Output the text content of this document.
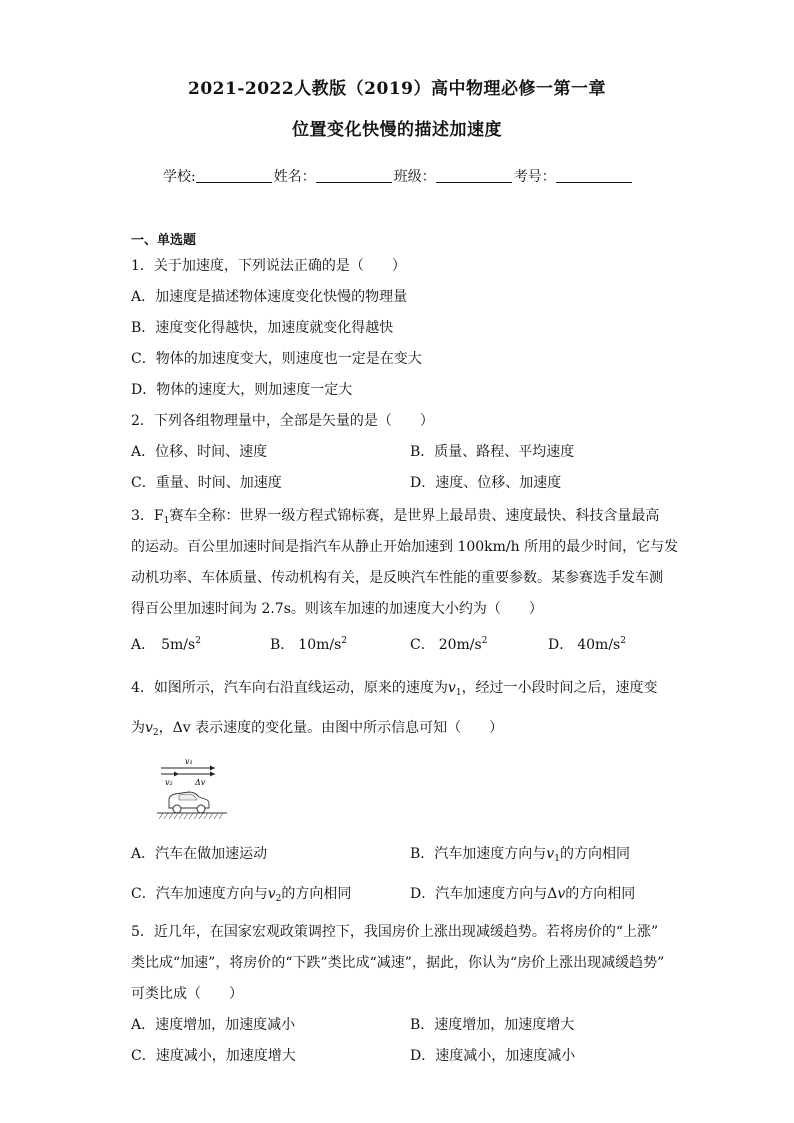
2021-2022人教版（2019）高中物理必修一第一章
位置变化快慢的描述加速度
学校:	姓名：	班级：	考号：
一、单选题
1．关于加速度，下列说法正确的是（　　）
A．加速度是描述物体速度变化快慢的物理量
B．速度变化得越快，加速度就变化得越快
C．物体的加速度变大，则速度也一定是在变大
D．物体的速度大，则加速度一定大
2．下列各组物理量中，全部是矢量的是（　　）
A．位移、时间、速度	B．质量、路程、平均速度
C．重量、时间、加速度	D．速度、位移、加速度
3．$F_1$赛车全称：世界一级方程式锦标赛，是世界上最昂贵、速度最快、科技含量最高
的运动。百公里加速时间是指汽车从静止开始加速到 100km/h 所用的最少时间，它与发
动机功率、车体质量、传动机构有关，是反映汽车性能的重要参数。某参赛选手发车测
得百公里加速时间为 2.7s。则该车加速的加速度大小约为（　　）
A． $5m/s^2$	B． $10m/s^2$	C． $20m/s^2$	D． $40m/s^2$
4．如图所示，汽车向右沿直线运动，原来的速度为$v_1$，经过一小段时间之后，速度变
为$v_2$，Δv 表示速度的变化量。由图中所示信息可知（　　）
v₁
v₂	Δv
A．汽车在做加速运动	B．汽车加速度方向与$v_1$的方向相同
C．汽车加速度方向与$v_2$的方向相同	D．汽车加速度方向与Δv的方向相同
5．近几年，在国家宏观政策调控下，我国房价上涨出现减缓趋势。若将房价的“上涨”
类比成“加速”，将房价的“下跌”类比成“减速”，据此，你认为“房价上涨出现减缓趋势”
可类比成（　　）
A．速度增加，加速度减小	B．速度增加，加速度增大
C．速度减小，加速度增大	D．速度减小，加速度减小
